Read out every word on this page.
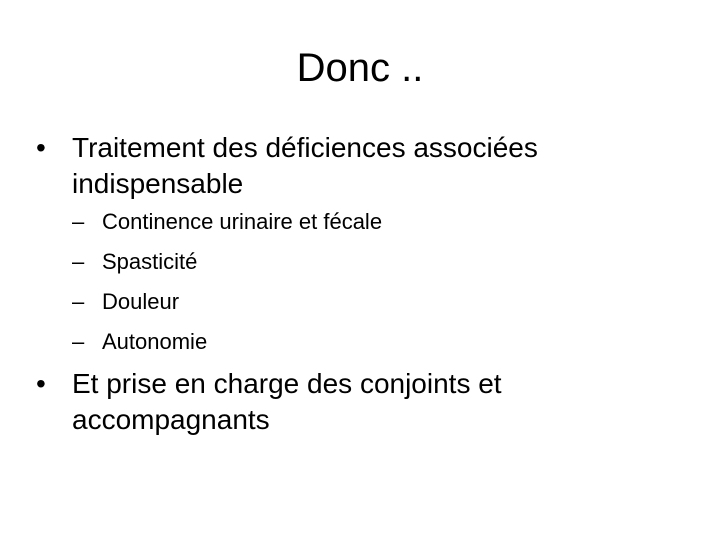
Donc ..
• Traitement des déficiences associées indispensable
– Continence urinaire et fécale
– Spasticité
– Douleur
– Autonomie
• Et prise en charge des conjoints et accompagnants
